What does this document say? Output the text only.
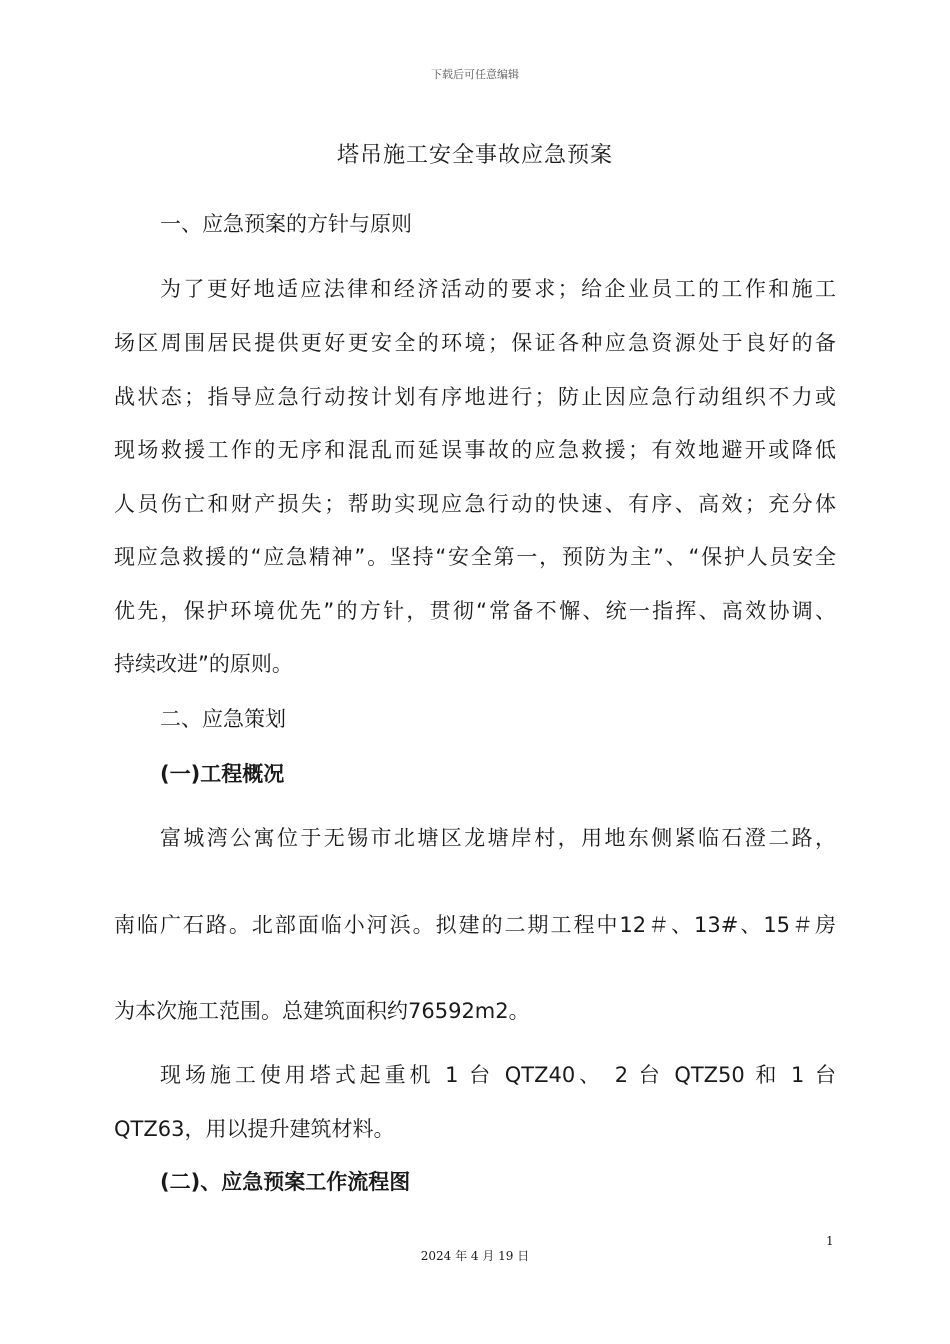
下载后可任意编辑
塔吊施工安全事故应急预案
一、应急预案的方针与原则
为了更好地适应法律和经济活动的要求；给企业员工的工作和施工
场区周围居民提供更好更安全的环境；保证各种应急资源处于良好的备
战状态；指导应急行动按计划有序地进行；防止因应急行动组织不力或
现场救援工作的无序和混乱而延误事故的应急救援；有效地避开或降低
人员伤亡和财产损失；帮助实现应急行动的快速、有序、高效；充分体
现应急救援的“应急精神”。坚持“安全第一，预防为主”、“保护人员安全
优先，保护环境优先”的方针，贯彻“常备不懈、统一指挥、高效协调、
持续改进”的原则。
二、应急策划
(一)工程概况
富城湾公寓位于无锡市北塘区龙塘岸村，用地东侧紧临石澄二路，
南临广石路。北部面临小河浜。拟建的二期工程中12＃、13#、15＃房
为本次施工范围。总建筑面积约76592m2。
现场施工使用塔式起重机 1 台 QTZ40、 2 台 QTZ50 和 1 台
QTZ63，用以提升建筑材料。
(二)、应急预案工作流程图
1
2024 年 4 月 19 日
